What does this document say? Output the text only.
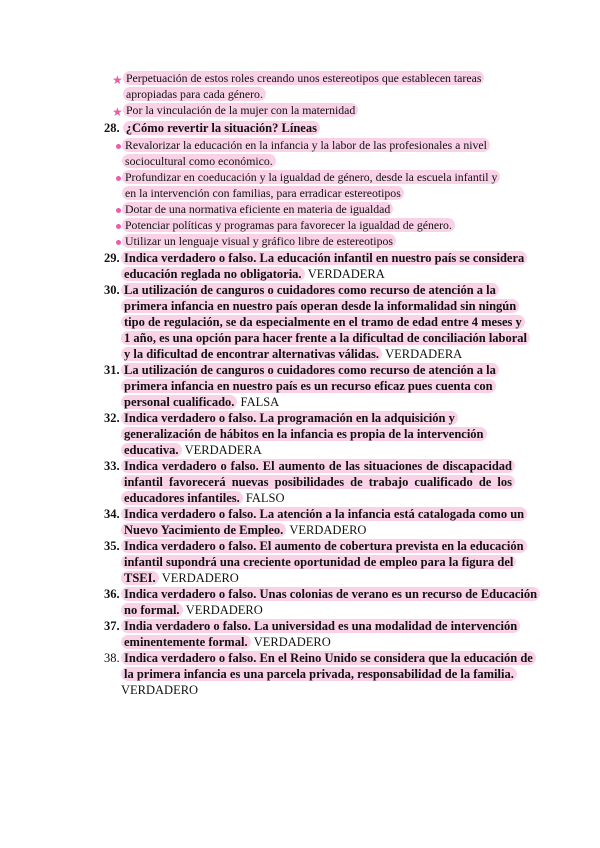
★ Perpetuación de estos roles creando unos estereotipos que establecen tareas
apropiadas para cada género.
★ Por la vinculación de la mujer con la maternidad
28. ¿Cómo revertir la situación? Líneas
Revalorizar la educación en la infancia y la labor de las profesionales a nivel
sociocultural como económico.
Profundizar en coeducación y la igualdad de género, desde la escuela infantil y
en la intervención con familias, para erradicar estereotipos
Dotar de una normativa eficiente en materia de igualdad
Potenciar políticas y programas para favorecer la igualdad de género.
Utilizar un lenguaje visual y gráfico libre de estereotipos
29. Indica verdadero o falso. La educación infantil en nuestro país se considera
educación reglada no obligatoria. VERDADERA
30. La utilización de canguros o cuidadores como recurso de atención a la
primera infancia en nuestro país operan desde la informalidad sin ningún
tipo de regulación, se da especialmente en el tramo de edad entre 4 meses y
1 año, es una opción para hacer frente a la dificultad de conciliación laboral
y la dificultad de encontrar alternativas válidas. VERDADERA
31. La utilización de canguros o cuidadores como recurso de atención a la
primera infancia en nuestro país es un recurso eficaz pues cuenta con
personal cualificado. FALSA
32. Indica verdadero o falso. La programación en la adquisición y
generalización de hábitos en la infancia es propia de la intervención
educativa. VERDADERA
33. Indica verdadero o falso. El aumento de las situaciones de discapacidad
infantil favorecerá nuevas posibilidades de trabajo cualificado de los
educadores infantiles. FALSO
34. Indica verdadero o falso. La atención a la infancia está catalogada como un
Nuevo Yacimiento de Empleo. VERDADERO
35. Indica verdadero o falso. El aumento de cobertura prevista en la educación
infantil supondrá una creciente oportunidad de empleo para la figura del
TSEI. VERDADERO
36. Indica verdadero o falso. Unas colonias de verano es un recurso de Educación
no formal. VERDADERO
37. India verdadero o falso. La universidad es una modalidad de intervención
eminentemente formal. VERDADERO
38. Indica verdadero o falso. En el Reino Unido se considera que la educación de
la primera infancia es una parcela privada, responsabilidad de la familia.
VERDADERO
